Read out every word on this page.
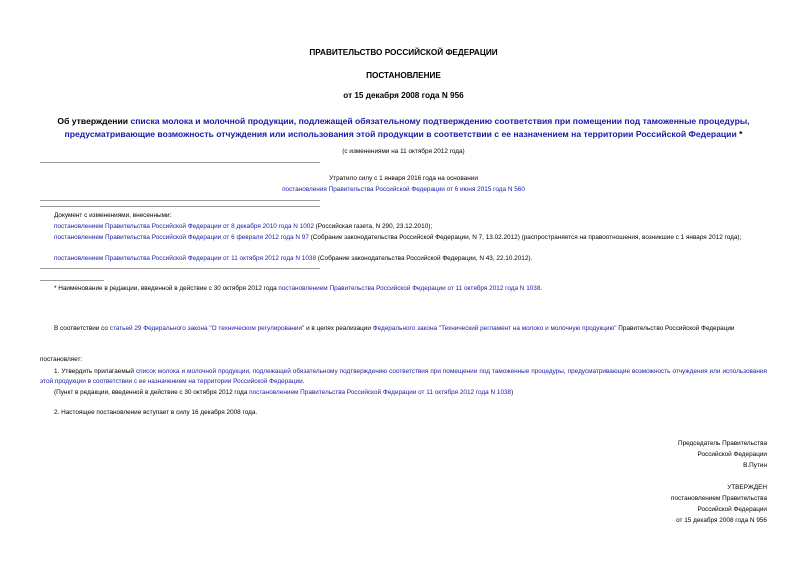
ПРАВИТЕЛЬСТВО РОССИЙСКОЙ ФЕДЕРАЦИИ
ПОСТАНОВЛЕНИЕ
от 15 декабря 2008 года N 956
Об утверждении списка молока и молочной продукции, подлежащей обязательному подтверждению соответствия при помещении под таможенные процедуры, предусматривающие возможность отчуждения или использования этой продукции в соответствии с ее назначением на территории Российской Федерации *
(с изменениями на 11 октября 2012 года)
Утратило силу с 1 января 2016 года на основании
постановления Правительства Российской Федерации от 6 июня 2015 года N 560
Документ с изменениями, внесенными:
постановлением Правительства Российской Федерации от 8 декабря 2010 года N 1002 (Российская газета, N 290, 23.12.2010);
постановлением Правительства Российской Федерации от 6 февраля 2012 года N 97 (Собрание законодательства Российской Федерации, N 7, 13.02.2012) (распространяется на правоотношения, возникшие с 1 января 2012 года);
постановлением Правительства Российской Федерации от 11 октября 2012 года N 1038 (Собрание законодательства Российской Федерации, N 43, 22.10.2012).
* Наименование в редакции, введенной в действие с 30 октября 2012 года постановлением Правительства Российской Федерации от 11 октября 2012 года N 1038.
В соответствии со статьей 29 Федерального закона "О техническом регулировании" и в целях реализации Федерального закона "Технический регламент на молоко и молочную продукцию" Правительство Российской Федерации
постановляет:
1. Утвердить прилагаемый список молока и молочной продукции, подлежащей обязательному подтверждению соответствия при помещении под таможенные процедуры, предусматривающие возможность отчуждения или использования этой продукции в соответствии с ее назначением на территории Российской Федерации.
(Пункт в редакции, введенной в действие с 30 октября 2012 года постановлением Правительства Российской Федерации от 11 октября 2012 года N 1038)
2. Настоящее постановление вступает в силу 16 декабря 2008 года.
Председатель Правительства
Российской Федерации
В.Путин
УТВЕРЖДЕН
постановлением Правительства
Российской Федерации
от 15 декабря 2008 года N 956
